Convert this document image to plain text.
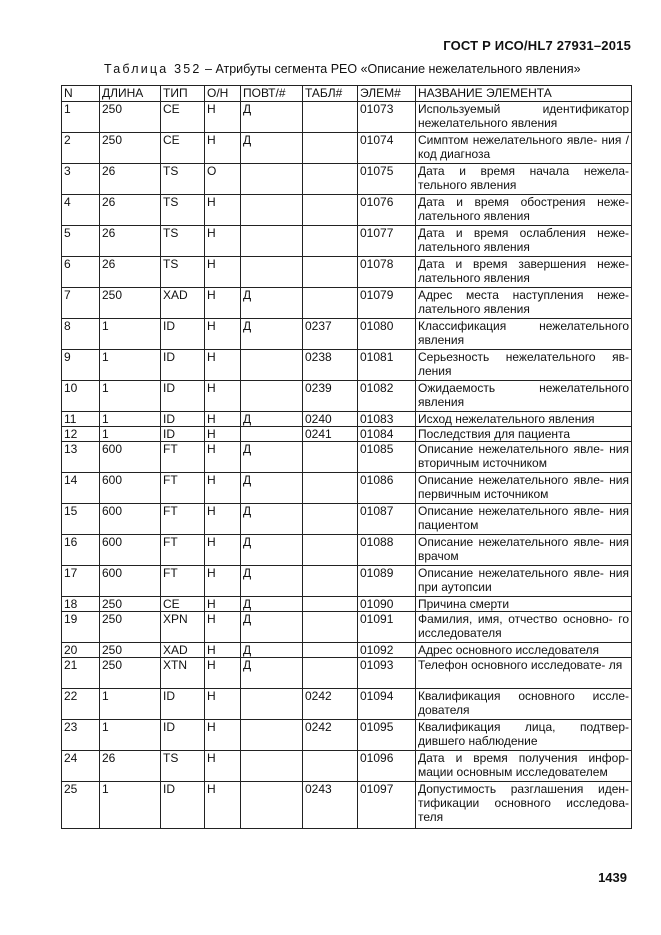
ГОСТ Р ИСО/HL7 27931–2015
Таблица 352 – Атрибуты сегмента PEO «Описание нежелательного явления»
N	ДЛИНА	ТИП	О/Н	ПОВТ/#	ТАБЛ#	ЭЛЕМ#	НАЗВАНИЕ ЭЛЕМЕНТА
1	250	CE	Н	Д		01073	Используемый идентификатор нежелательного явления
2	250	CE	Н	Д		01074	Симптом нежелательного явле- ния /код диагноза
3	26	TS	О			01075	Дата и время начала нежела- тельного явления
4	26	TS	Н			01076	Дата и время обострения нежe- лательного явления
5	26	TS	Н			01077	Дата и время ослабления нежe- лательного явления
6	26	TS	Н			01078	Дата и время завершения нежe- лательного явления
7	250	XAD	Н	Д		01079	Адрес места наступления нежe- лательного явления
8	1	ID	Н	Д	0237	01080	Классификация нежелательного явления
9	1	ID	Н		0238	01081	Серьезность нежелательного яв- ления
10	1	ID	Н		0239	01082	Ожидаемость нежелательного явления
11	1	ID	Н	Д	0240	01083	Исход нежелательного явления
12	1	ID	Н		0241	01084	Последствия для пациента
13	600	FT	Н	Д		01085	Описание нежелательного явле- ния вторичным источником
14	600	FT	Н	Д		01086	Описание нежелательного явле- ния первичным источником
15	600	FT	Н	Д		01087	Описание нежелательного явле- ния пациентом
16	600	FT	Н	Д		01088	Описание нежелательного явле- ния врачом
17	600	FT	Н	Д		01089	Описание нежелательного явле- ния при аутопсии
18	250	CE	Н	Д		01090	Причина смерти
19	250	XPN	Н	Д		01091	Фамилия, имя, отчество основно- го исследователя
20	250	XAD	Н	Д		01092	Адрес основного исследователя
21	250	XTN	Н	Д		01093	Телефон основного исследовате- ля
22	1	ID	Н		0242	01094	Квалификация основного иссле- дователя
23	1	ID	Н		0242	01095	Квалификация лица, подтвер- дившего наблюдение
24	26	TS	Н			01096	Дата и время получения инфор- мации основным исследователем
25	1	ID	Н		0243	01097	Допустимость разглашения иден- тификации основного исследова- теля
1439
